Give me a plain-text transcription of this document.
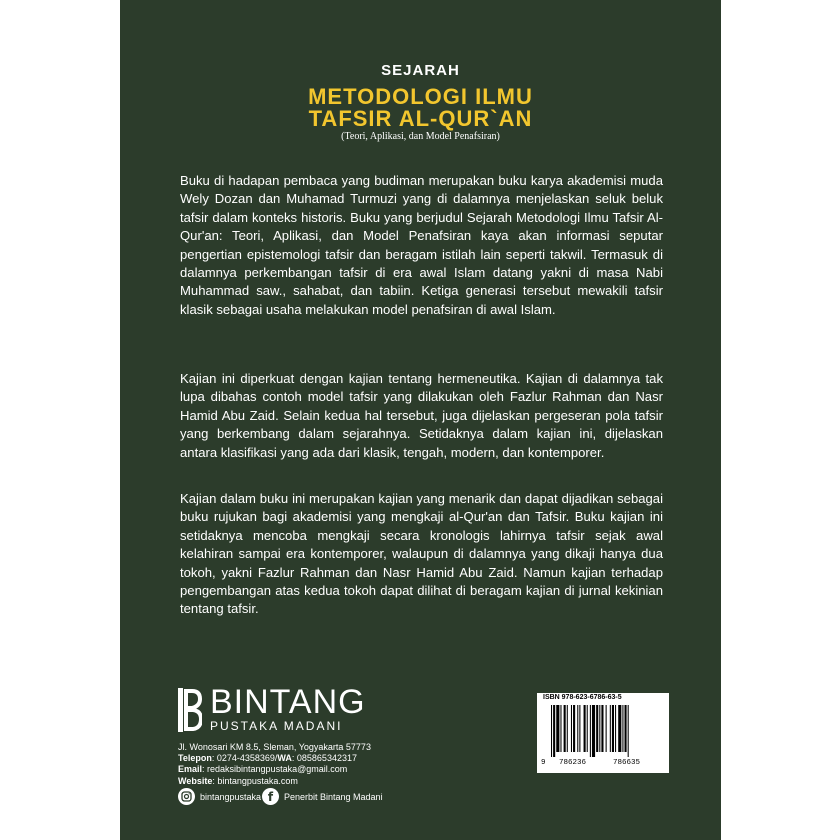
SEJARAH
METODOLOGI ILMU
TAFSIR AL-QUR`AN
(Teori, Aplikasi, dan Model Penafsiran)

Buku di hadapan pembaca yang budiman merupakan buku karya akademisi muda Wely Dozan dan Muhamad Turmuzi yang di dalamnya menjelaskan seluk beluk tafsir dalam konteks historis. Buku yang berjudul Sejarah Metodologi Ilmu Tafsir Al-Qur'an: Teori, Aplikasi, dan Model Penafsiran kaya akan informasi seputar pengertian epistemologi tafsir dan beragam istilah lain seperti takwil. Termasuk di dalamnya perkembangan tafsir di era awal Islam datang yakni di masa Nabi Muhammad saw., sahabat, dan tabiin. Ketiga generasi tersebut mewakili tafsir klasik sebagai usaha melakukan model penafsiran di awal Islam.

Kajian ini diperkuat dengan kajian tentang hermeneutika. Kajian di dalamnya tak lupa dibahas contoh model tafsir yang dilakukan oleh Fazlur Rahman dan Nasr Hamid Abu Zaid. Selain kedua hal tersebut, juga dijelaskan pergeseran pola tafsir yang berkembang dalam sejarahnya. Setidaknya dalam kajian ini, dijelaskan antara klasifikasi yang ada dari klasik, tengah, modern, dan kontemporer.

Kajian dalam buku ini merupakan kajian yang menarik dan dapat dijadikan sebagai buku rujukan bagi akademisi yang mengkaji al-Qur'an dan Tafsir. Buku kajian ini setidaknya mencoba mengkaji secara kronologis lahirnya tafsir sejak awal kelahiran sampai era kontemporer, walaupun di dalamnya yang dikaji hanya dua tokoh, yakni Fazlur Rahman dan Nasr Hamid Abu Zaid. Namun kajian terhadap pengembangan atas kedua tokoh dapat dilihat di beragam kajian di jurnal kekinian tentang tafsir.

BINTANG
PUSTAKA MADANI
Jl. Wonosari KM 8.5, Sleman, Yogyakarta 57773
Telepon: 0274-4358369/WA: 085865342317
Email: redaksibintangpustaka@gmail.com
Website: bintangpustaka.com
bintangpustaka f	Penerbit Bintang Madani
ISBN 978-623-6786-63-5
9 786236	786635
